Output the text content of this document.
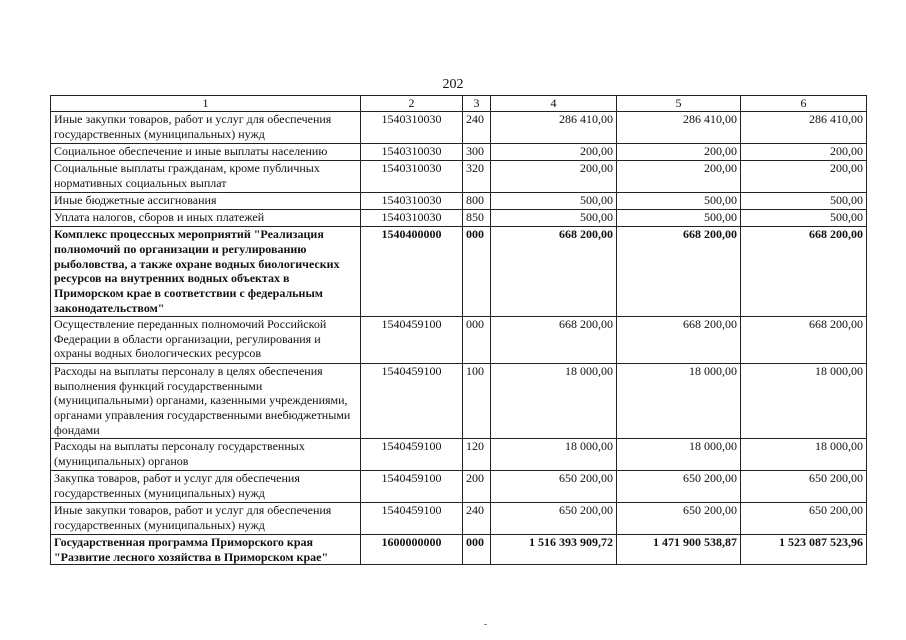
202
1	2	3	4	5	6
Иные закупки товаров, работ и услуг для обеспечения государственных (муниципальных) нужд	1540310030	240	286 410,00	286 410,00	286 410,00
Социальное обеспечение и иные выплаты населению	1540310030	300	200,00	200,00	200,00
Социальные выплаты гражданам, кроме публичных нормативных социальных выплат	1540310030	320	200,00	200,00	200,00
Иные бюджетные ассигнования	1540310030	800	500,00	500,00	500,00
Уплата налогов, сборов и иных платежей	1540310030	850	500,00	500,00	500,00
Комплекс процессных мероприятий "Реализация полномочий по организации и регулированию рыболовства, а также охране водных биологических ресурсов на внутренних водных объектах в Приморском крае в соответствии с федеральным законодательством"	1540400000	000	668 200,00	668 200,00	668 200,00
Осуществление переданных полномочий Российской Федерации в области организации, регулирования и охраны водных биологических ресурсов	1540459100	000	668 200,00	668 200,00	668 200,00
Расходы на выплаты персоналу в целях обеспечения выполнения функций государственными (муниципальными) органами, казенными учреждениями, органами управления государственными внебюджетными фондами	1540459100	100	18 000,00	18 000,00	18 000,00
Расходы на выплаты персоналу государственных (муниципальных) органов	1540459100	120	18 000,00	18 000,00	18 000,00
Закупка товаров, работ и услуг для обеспечения государственных (муниципальных) нужд	1540459100	200	650 200,00	650 200,00	650 200,00
Иные закупки товаров, работ и услуг для обеспечения государственных (муниципальных) нужд	1540459100	240	650 200,00	650 200,00	650 200,00
Государственная программа Приморского края "Развитие лесного хозяйства в Приморском крае"	1600000000	000	1 516 393 909,72	1 471 900 538,87	1 523 087 523,96
